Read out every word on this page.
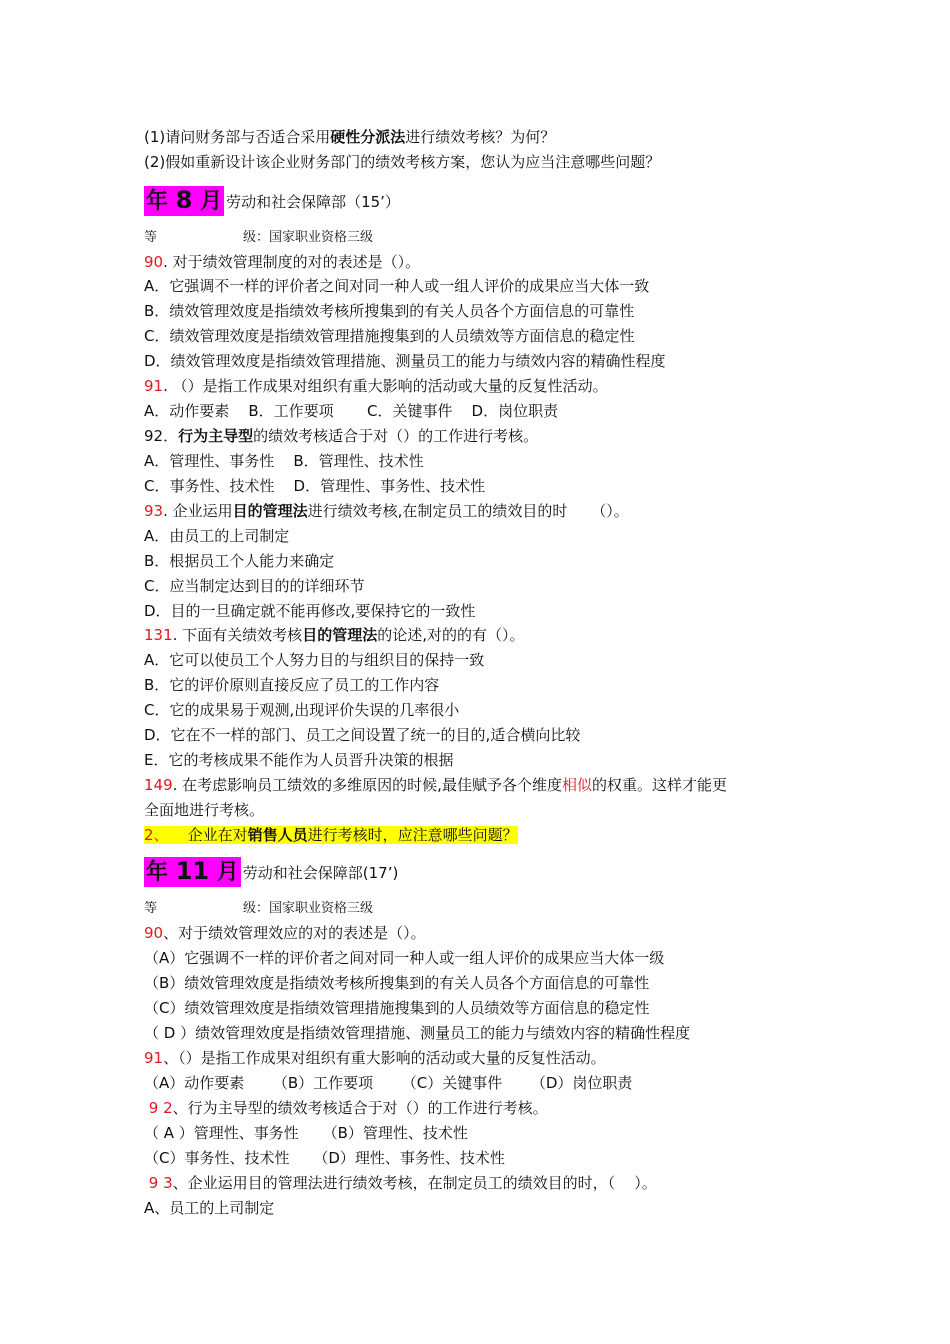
(1)请问财务部与否适合采用硬性分派法进行绩效考核？为何？
(2)假如重新设计该企业财务部门的绩效考核方案，您认为应当注意哪些问题？
年 8 月 劳动和社会保障部（15’）
等	级：国家职业资格三级
90. 对于绩效管理制度的对的表述是（）。
A．它强调不一样的评价者之间对同一种人或一组人评价的成果应当大体一致
B．绩效管理效度是指绩效考核所搜集到的有关人员各个方面信息的可靠性
C．绩效管理效度是指绩效管理措施搜集到的人员绩效等方面信息的稳定性
D．绩效管理效度是指绩效管理措施、测量员工的能力与绩效内容的精确性程度
91. （）是指工作成果对组织有重大影响的活动或大量的反复性活动。
A．动作要素    B．工作要项       C．关键事件    D．岗位职责
92．行为主导型的绩效考核适合于对（）的工作进行考核。
A．管理性、事务性    B．管理性、技术性
C．事务性、技术性    D．管理性、事务性、技术性
93. 企业运用目的管理法进行绩效考核,在制定员工的绩效目的时     （）。
A．由员工的上司制定
B．根据员工个人能力来确定
C．应当制定达到目的的详细环节
D．目的一旦确定就不能再修改,要保持它的一致性
131. 下面有关绩效考核目的管理法的论述,对的的有（）。
A．它可以使员工个人努力目的与组织目的保持一致
B．它的评价原则直接反应了员工的工作内容
C．它的成果易于观测,出现评价失误的几率很小
D．它在不一样的部门、员工之间设置了统一的目的,适合横向比较
E．它的考核成果不能作为人员晋升决策的根据
149. 在考虑影响员工绩效的多维原因的时候,最佳赋予各个维度相似的权重。这样才能更
全面地进行考核。
2、    企业在对销售人员进行考核时，应注意哪些问题？
年 11 月 劳动和社会保障部(17’)
等	级：国家职业资格三级
90、对于绩效管理效应的对的表述是（）。
（A）它强调不一样的评价者之间对同一种人或一组人评价的成果应当大体一级
（B）绩效管理效度是指绩效考核所搜集到的有关人员各个方面信息的可靠性
（C）绩效管理效度是指绩效管理措施搜集到的人员绩效等方面信息的稳定性
（ D ）绩效管理效度是指绩效管理措施、测量员工的能力与绩效内容的精确性程度
91、（）是指工作成果对组织有重大影响的活动或大量的反复性活动。
（A）动作要素      （B）工作要项      （C）关键事件      （D）岗位职责
9 2、行为主导型的绩效考核适合于对（）的工作进行考核。
（ A ）管理性、事务性     （B）管理性、技术性
（C）事务性、技术性     （D）理性、事务性、技术性
9 3、企业运用目的管理法进行绩效考核，在制定员工的绩效目的时，（    ）。
A、员工的上司制定
